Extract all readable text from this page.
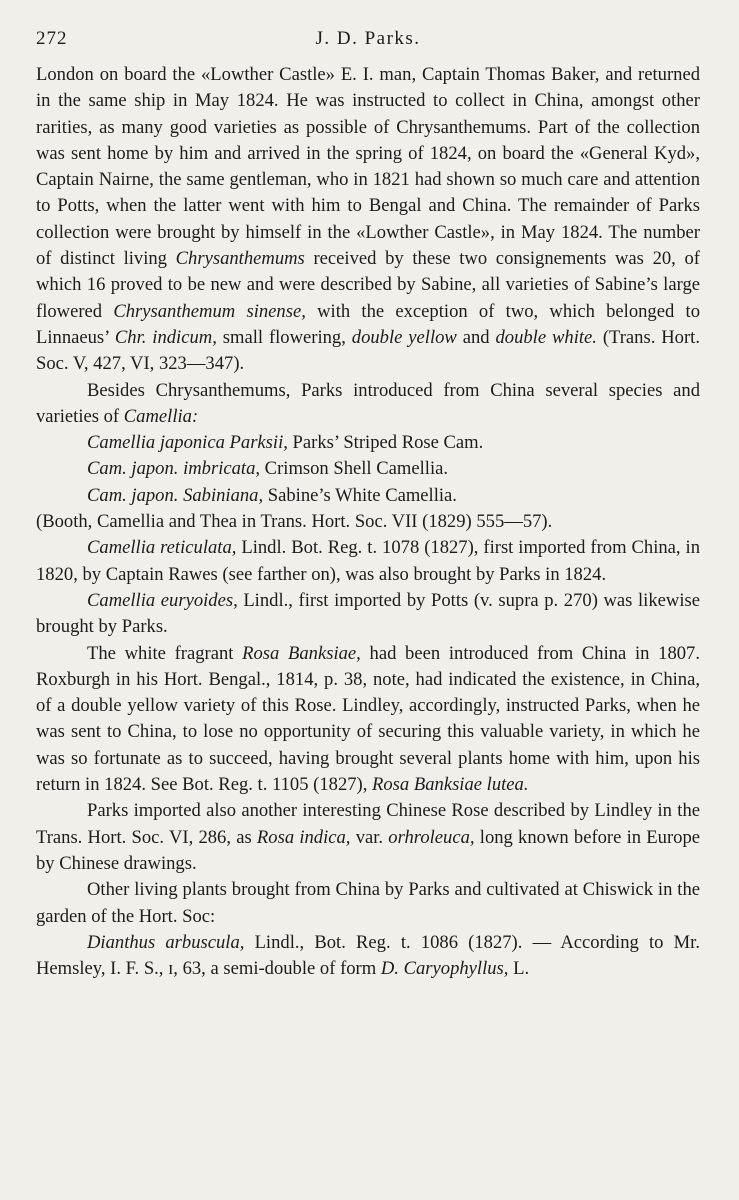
272	J. D. Parks.

London on board the «Lowther Castle» E. I. man, Captain Thomas Baker, and returned in the same ship in May 1824. He was instructed to collect in China, amongst other rarities, as many good varieties as possible of Chrysanthemums. Part of the collection was sent home by him and arrived in the spring of 1824, on board the «General Kyd», Captain Nairne, the same gentleman, who in 1821 had shown so much care and attention to Potts, when the latter went with him to Bengal and China. The remainder of Parks collection were brought by himself in the «Lowther Castle», in May 1824. The number of distinct living Chrysanthemums received by these two consignements was 20, of which 16 proved to be new and were described by Sabine, all varieties of Sabine’s large flowered Chrysanthemum sinense, with the exception of two, which belonged to Linnaeus’ Chr. indicum, small flowering, double yellow and double white. (Trans. Hort. Soc. V, 427, VI, 323—347).

Besides Chrysanthemums, Parks introduced from China several species and varieties of Camellia:

Camellia japonica Parksii, Parks’ Striped Rose Cam.

Cam. japon. imbricata, Crimson Shell Camellia.

Cam. japon. Sabiniana, Sabine’s White Camellia.

(Booth, Camellia and Thea in Trans. Hort. Soc. VII (1829) 555—57).

Camellia reticulata, Lindl. Bot. Reg. t. 1078 (1827), first imported from China, in 1820, by Captain Rawes (see farther on), was also brought by Parks in 1824.

Camellia euryoides, Lindl., first imported by Potts (v. supra p. 270) was likewise brought by Parks.

The white fragrant Rosa Banksiae, had been introduced from China in 1807. Roxburgh in his Hort. Bengal., 1814, p. 38, note, had indicated the existence, in China, of a double yellow variety of this Rose. Lindley, accordingly, instructed Parks, when he was sent to China, to lose no opportunity of securing this valuable variety, in which he was so fortunate as to succeed, having brought several plants home with him, upon his return in 1824. See Bot. Reg. t. 1105 (1827), Rosa Banksiae lutea.

Parks imported also another interesting Chinese Rose described by Lindley in the Trans. Hort. Soc. VI, 286, as Rosa indica, var. orhroleuca, long known before in Europe by Chinese drawings.

Other living plants brought from China by Parks and cultivated at Chiswick in the garden of the Hort. Soc:

Dianthus arbuscula, Lindl., Bot. Reg. t. 1086 (1827). — According to Mr. Hemsley, I. F. S., ɪ, 63, a semi-double of form D. Caryophyllus, L.
